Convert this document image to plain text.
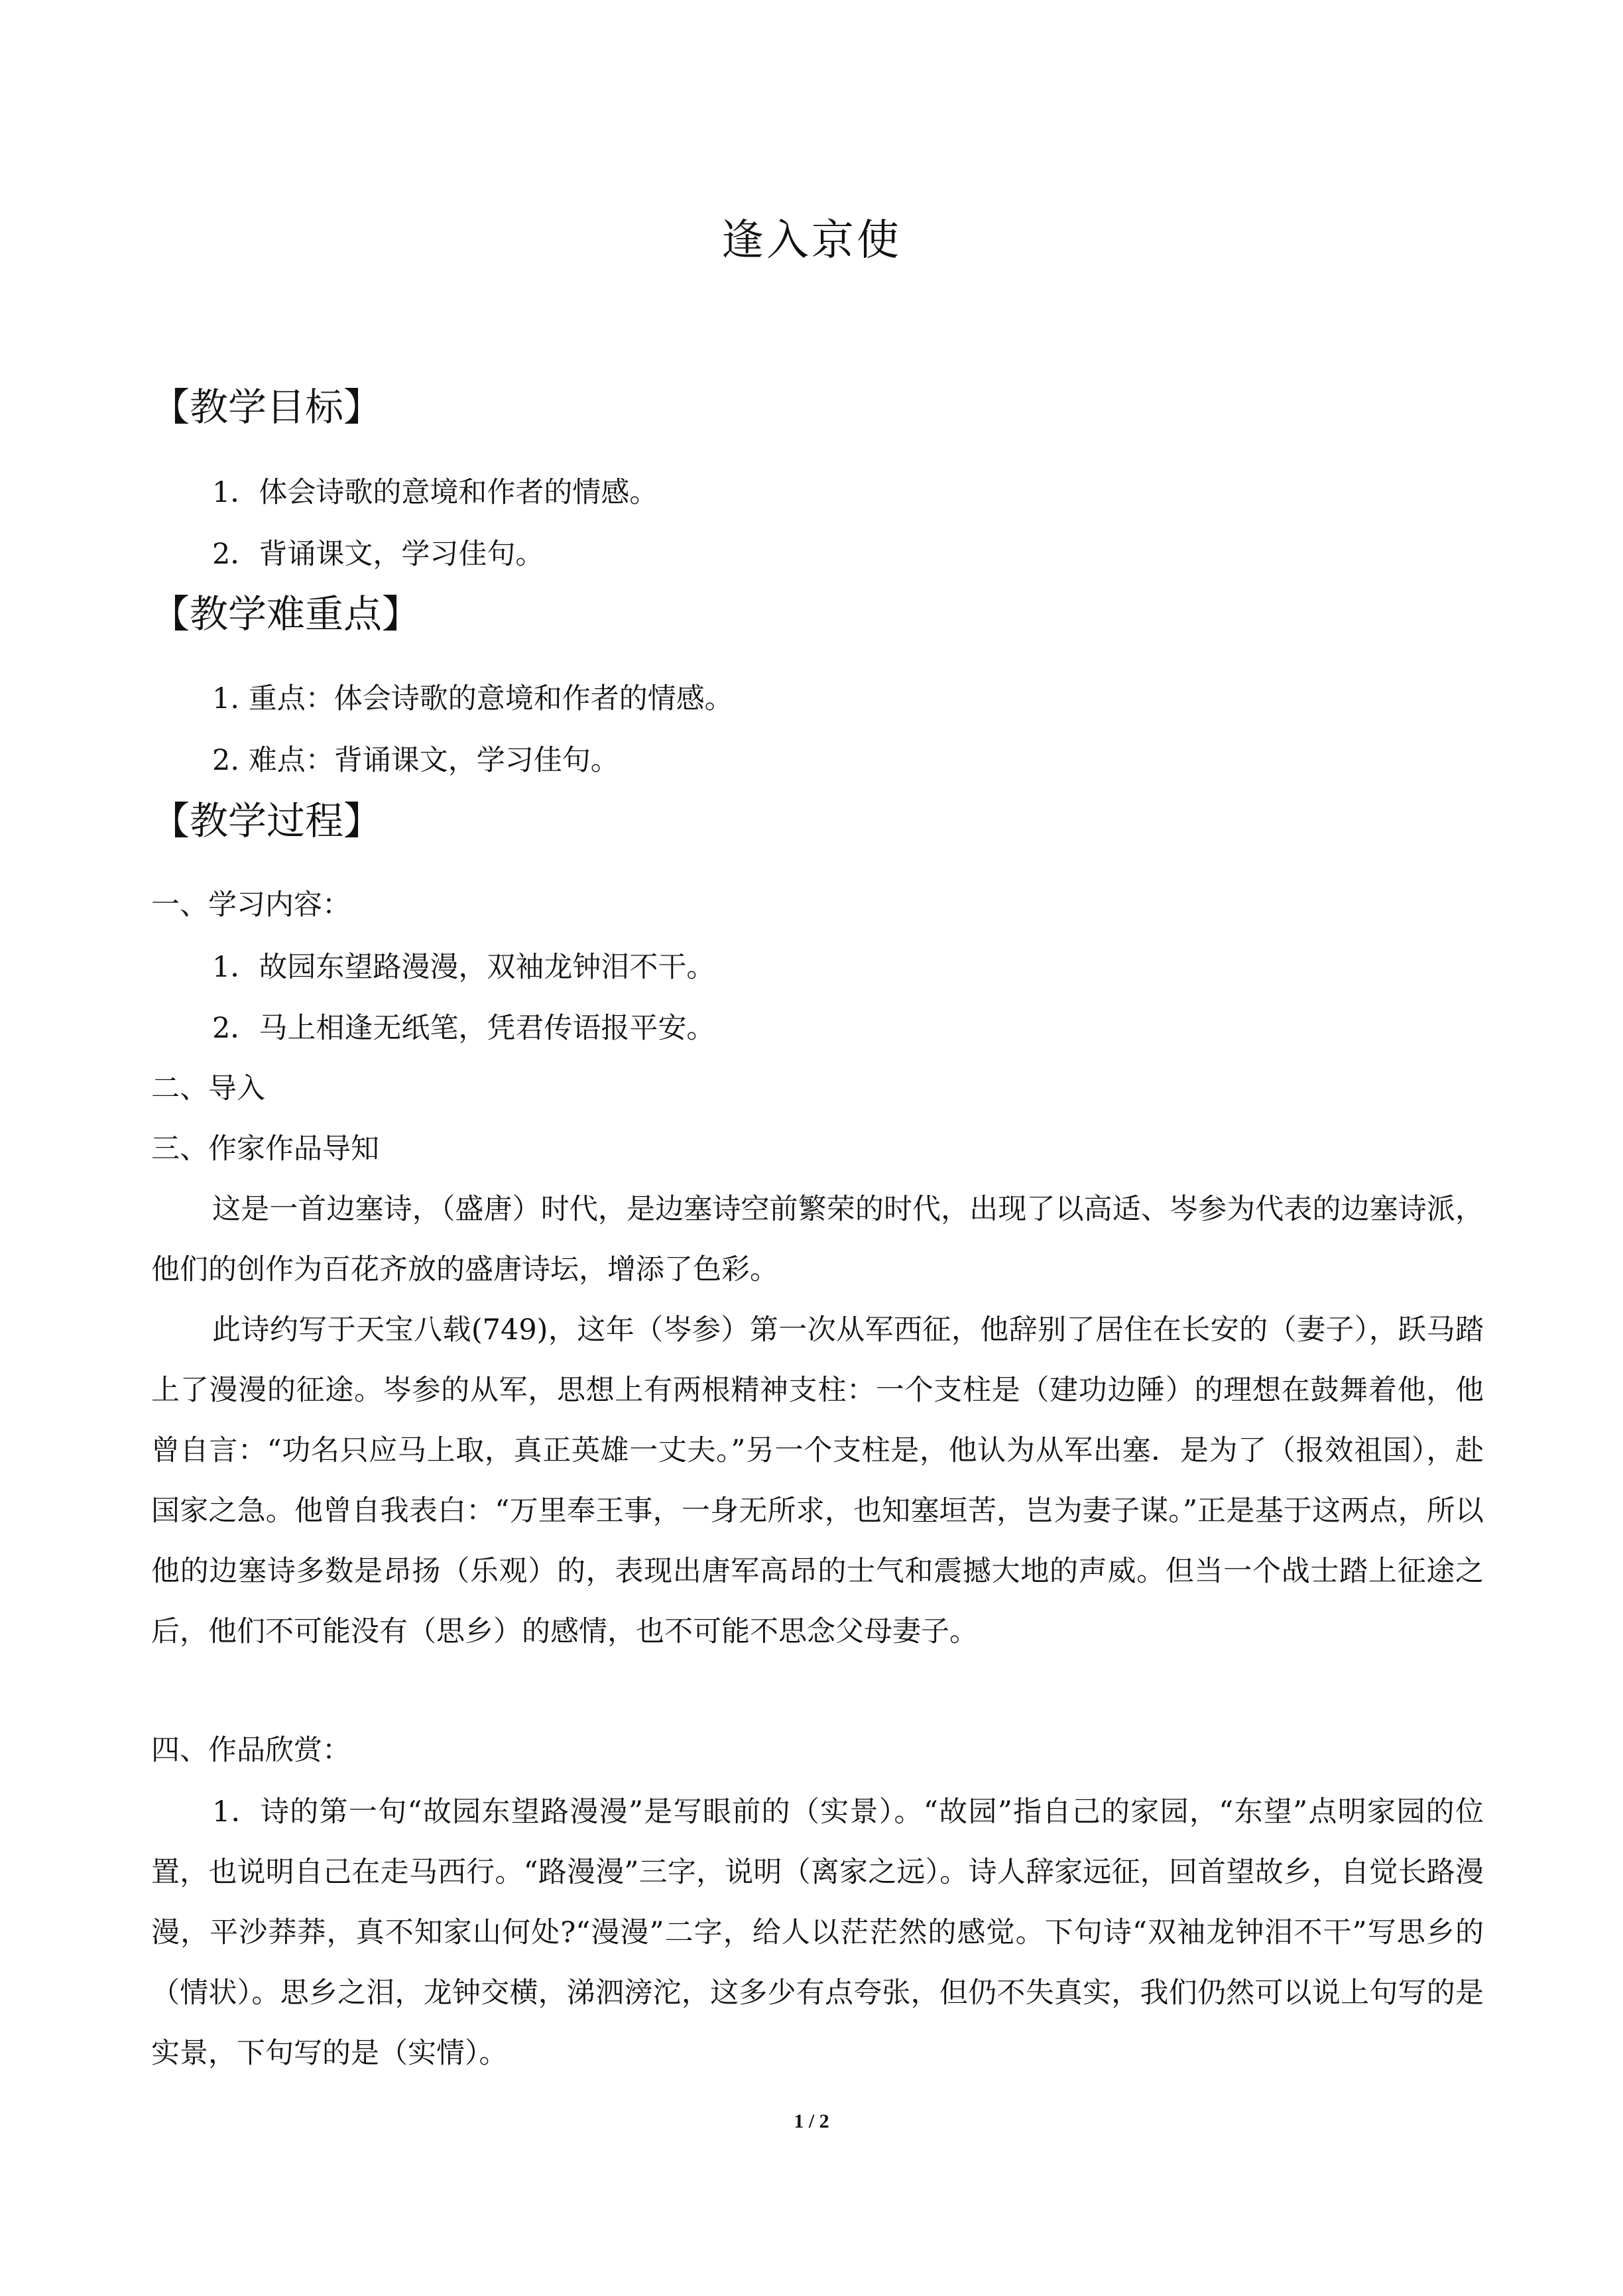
逢入京使
【教学目标】

1．体会诗歌的意境和作者的情感。

2．背诵课文，学习佳句。

【教学难重点】

1. 重点：体会诗歌的意境和作者的情感。

2. 难点：背诵课文，学习佳句。

【教学过程】

一、学习内容：

1．故园东望路漫漫，双袖龙钟泪不干。

2．马上相逢无纸笔，凭君传语报平安。

二、导入

三、作家作品导知

这是一首边塞诗，（盛唐）时代，是边塞诗空前繁荣的时代，出现了以高适、岑参为代表的边塞诗派，他们的创作为百花齐放的盛唐诗坛，增添了色彩。

此诗约写于天宝八载(749)，这年（岑参）第一次从军西征，他辞别了居住在长安的（妻子），跃马踏上了漫漫的征途。岑参的从军，思想上有两根精神支柱：一个支柱是（建功边陲）的理想在鼓舞着他，他曾自言：“功名只应马上取，真正英雄一丈夫。”另一个支柱是，他认为从军出塞．是为了（报效祖国），赴国家之急。他曾自我表白：“万里奉王事，一身无所求，也知塞垣苦，岂为妻子谋。”正是基于这两点，所以他的边塞诗多数是昂扬（乐观）的，表现出唐军高昂的士气和震撼大地的声威。但当一个战士踏上征途之后，他们不可能没有（思乡）的感情，也不可能不思念父母妻子。

四、作品欣赏：

1．诗的第一句“故园东望路漫漫”是写眼前的（实景）。“故园”指自己的家园，“东望”点明家园的位置，也说明自己在走马西行。“路漫漫”三字，说明（离家之远）。诗人辞家远征，回首望故乡，自觉长路漫漫，平沙莽莽，真不知家山何处?“漫漫”二字，给人以茫茫然的感觉。下句诗“双袖龙钟泪不干”写思乡的（情状）。思乡之泪，龙钟交横，涕泗滂沱，这多少有点夸张，但仍不失真实，我们仍然可以说上句写的是实景，下句写的是（实情）。

1 / 2
